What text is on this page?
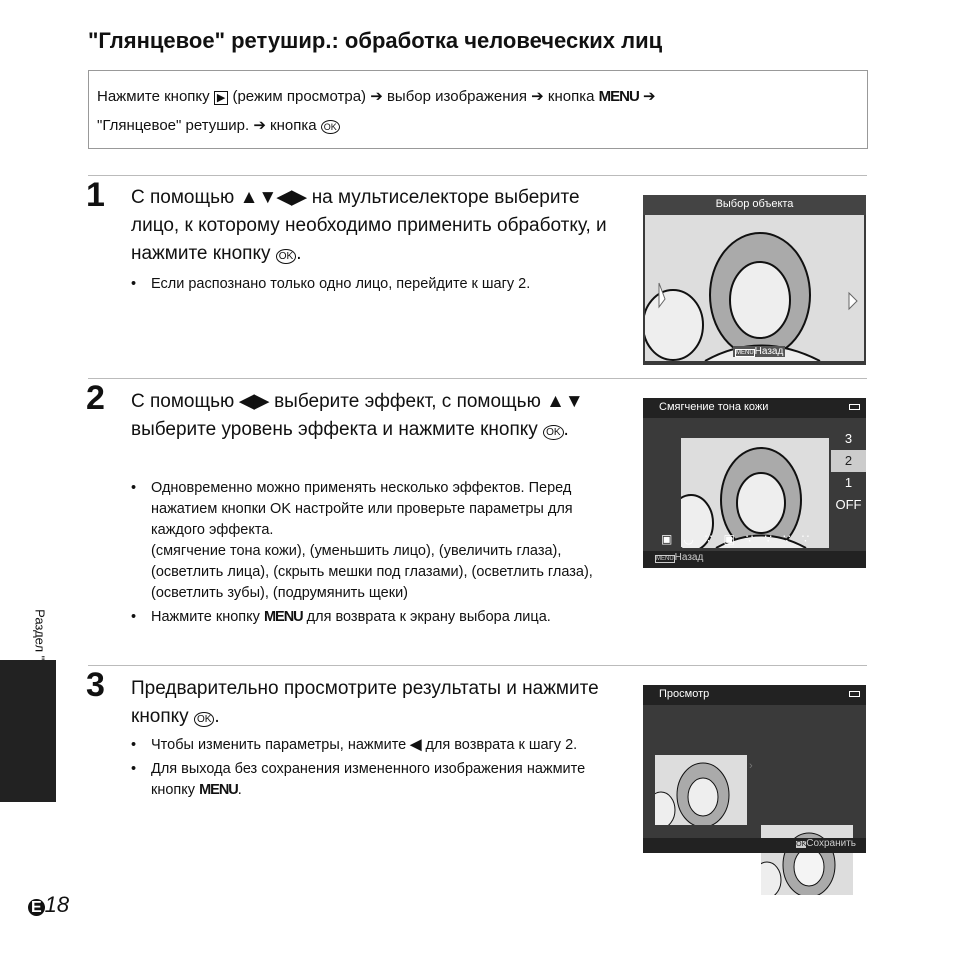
"Глянцевое" ретушир.: обработка человеческих лиц
Нажмите кнопку ▶ (режим просмотра) ➔ выбор изображения ➔ кнопка MENU ➔
"Глянцевое" ретушир. ➔ кнопка OK
1 С помощью ▲▼◀▶ на мультиселекторе выберите лицо, к которому необходимо применить обработку, и нажмите кнопку OK .
• Если распознано только одно лицо, перейдите к шагу 2.
Выбор объекта
MENUНазад
2 С помощью ◀▶ выберите эффект, с помощью ▲▼ выберите уровень эффекта и нажмите кнопку OK .
• Одновременно можно применять несколько эффектов. Перед нажатием кнопки OK настройте или проверьте параметры для каждого эффекта.
(смягчение тона кожи), (уменьшить лицо), (увеличить глаза), (осветлить лица), (скрыть мешки под глазами), (осветлить глаза), (осветлить зубы), (подрумянить щеки)
• Нажмите кнопку MENU для возврата к экрану выбора лица.
Смягчение тона кожи
3
2
1
OFF
▣◡∵▣∵∵∵∵
MENUНазад
3 Предварительно просмотрите результаты и нажмите кнопку OK .
• Чтобы изменить параметры, нажмите ◀ для возврата к шагу 2.
• Для выхода без сохранения измененного изображения нажмите кнопку MENU.
Просмотр
›
OKСохранить
E 18
